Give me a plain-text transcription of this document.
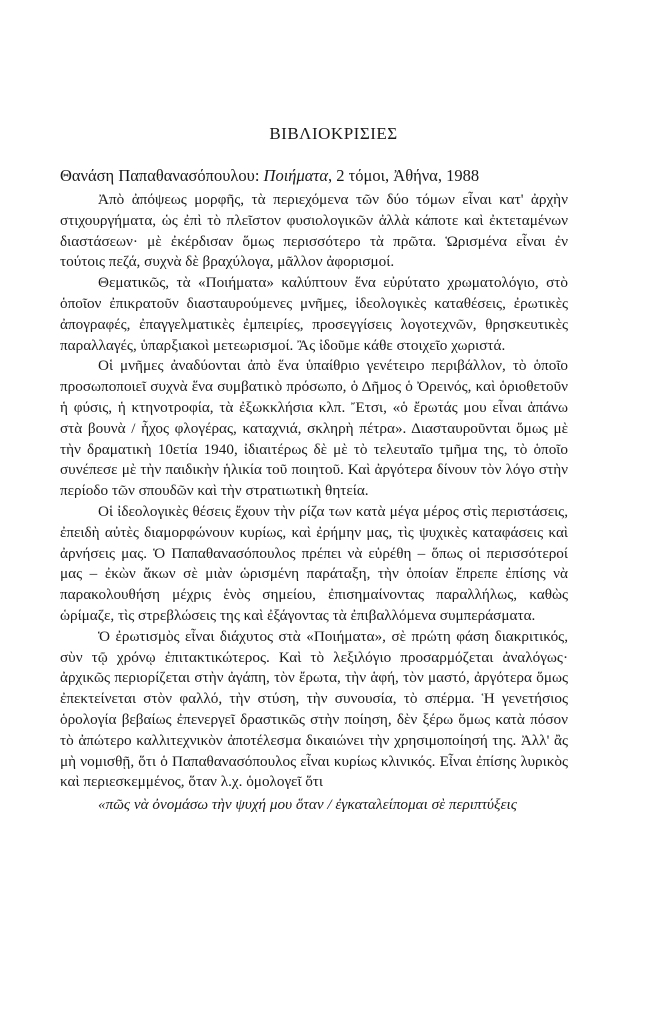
ΒΙΒΛΙΟΚΡΙΣΙΕΣ
Θανάση Παπαθανασόπουλου: Ποιήματα, 2 τόμοι, Ἀθήνα, 1988

Ἀπὸ ἀπόψεως μορφῆς, τὰ περιεχόμενα τῶν δύο τόμων εἶναι κατ' ἀρχὴν στιχουργήματα, ὡς ἐπὶ τὸ πλεῖστον φυσιολογικῶν ἀλλὰ κάποτε καὶ ἐκτεταμένων διαστάσεων· μὲ ἐκέρδισαν ὅμως περισσότερο τὰ πρῶτα. Ὡρισμένα εἶναι ἐν τούτοις πεζά, συχνὰ δὲ βραχύλογα, μᾶλλον ἀφορισμοί.

Θεματικῶς, τὰ «Ποιήματα» καλύπτουν ἕνα εὐρύτατο χρωματολόγιο, στὸ ὁποῖον ἐπικρατοῦν διασταυρούμενες μνῆμες, ἰδεολογικὲς καταθέσεις, ἐρωτικὲς ἀπογραφές, ἐπαγγελματικὲς ἐμπειρίες, προσεγγίσεις λογοτεχνῶν, θρησκευτικὲς παραλλαγές, ὑπαρξιακοὶ μετεωρισμοί. Ἂς ἰδοῦμε κάθε στοιχεῖο χωριστά.

Οἱ μνῆμες ἀναδύονται ἀπὸ ἕνα ὑπαίθριο γενέτειρο περιβάλλον, τὸ ὁποῖο προσωποποιεῖ συχνὰ ἕνα συμβατικὸ πρόσωπο, ὁ Δῆμος ὁ Ὀρεινός, καὶ ὁριοθετοῦν ἡ φύσις, ἡ κτηνοτροφία, τὰ ἐξωκκλήσια κλπ. Ἔτσι, «ὁ ἔρωτάς μου εἶναι ἀπάνω στὰ βουνὰ / ἦχος φλογέρας, καταχνιά, σκληρὴ πέτρα». Διασταυροῦνται ὅμως μὲ τὴν δραματικὴ 10ετία 1940, ἰδιαιτέρως δὲ μὲ τὸ τελευταῖο τμῆμα της, τὸ ὁποῖο συνέπεσε μὲ τὴν παιδικὴν ἡλικία τοῦ ποιητοῦ. Καὶ ἀργότερα δίνουν τὸν λόγο στὴν περίοδο τῶν σπουδῶν καὶ τὴν στρατιωτικὴ θητεία.

Οἱ ἰδεολογικὲς θέσεις ἔχουν τὴν ρίζα των κατὰ μέγα μέρος στὶς περιστάσεις, ἐπειδὴ αὐτὲς διαμορφώνουν κυρίως, καὶ ἐρήμην μας, τὶς ψυχικὲς καταφάσεις καὶ ἀρνήσεις μας. Ὁ Παπαθανασόπουλος πρέπει νὰ εὑρέθη – ὅπως οἱ περισσότεροί μας – ἐκὼν ἄκων σὲ μιὰν ὡρισμένη παράταξη, τὴν ὁποίαν ἔπρεπε ἐπίσης νὰ παρακολουθήση μέχρις ἑνὸς σημείου, ἐπισημαίνοντας παραλλήλως, καθὼς ὡρίμαζε, τὶς στρεβλώσεις της καὶ ἐξάγοντας τὰ ἐπιβαλλόμενα συμπεράσματα.

Ὁ ἐρωτισμὸς εἶναι διάχυτος στὰ «Ποιήματα», σὲ πρώτη φάση διακριτικός, σὺν τῷ χρόνῳ ἐπιτακτικώτερος. Καὶ τὸ λεξιλόγιο προσαρμόζεται ἀναλόγως· ἀρχικῶς περιορίζεται στὴν ἀγάπη, τὸν ἔρωτα, τὴν ἁφή, τὸν μαστό, ἀργότερα ὅμως ἐπεκτείνεται στὸν φαλλό, τὴν στύση, τὴν συνουσία, τὸ σπέρμα. Ἡ γενετήσιος ὁρολογία βεβαίως ἐπενεργεῖ δραστικῶς στὴν ποίηση, δὲν ξέρω ὅμως κατὰ πόσον τὸ ἀπώτερο καλλιτεχνικὸν ἀποτέλεσμα δικαιώνει τὴν χρησιμοποίησή της. Ἀλλ' ἂς μὴ νομισθῇ, ὅτι ὁ Παπαθανασόπουλος εἶναι κυρίως κλινικός. Εἶναι ἐπίσης λυρικὸς καὶ περιεσκεμμένος, ὅταν λ.χ. ὁμολογεῖ ὅτι

«πῶς νὰ ὀνομάσω τὴν ψυχή μου ὅταν / ἐγκαταλείπομαι σὲ περιπτύξεις
